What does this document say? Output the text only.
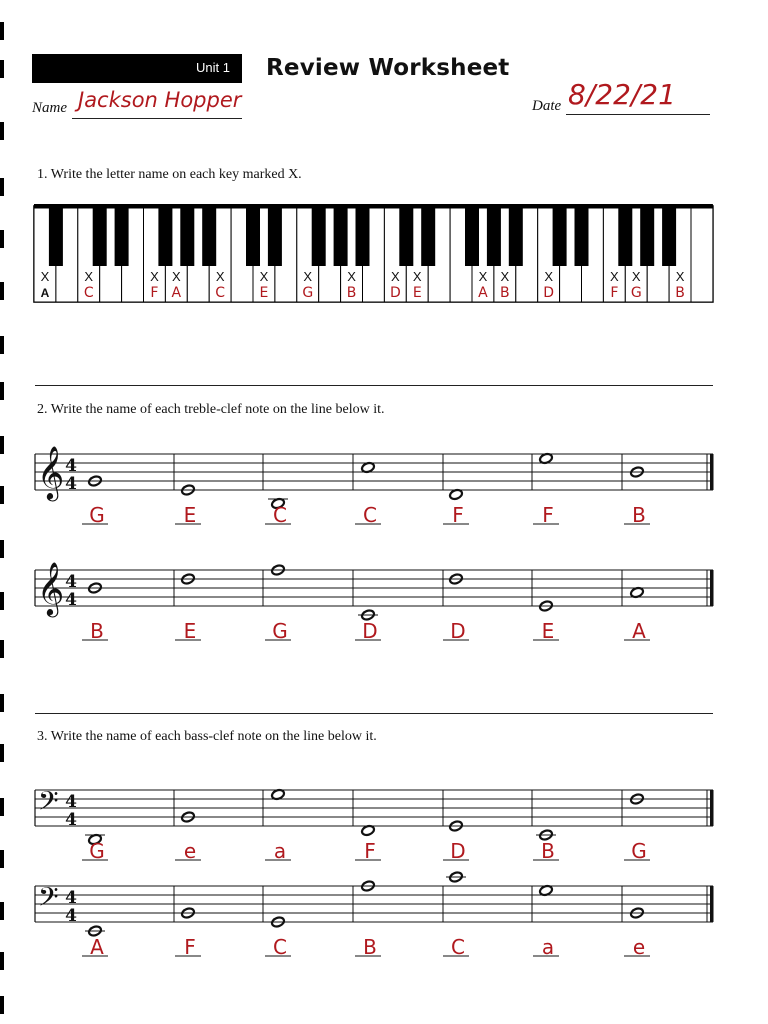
Unit 1 Review Worksheet
Name Jackson Hopper	Date 8/22/21
1. Write the letter name on each key marked X.
X
A
X
C
X
F
X
A
X
C
X
E
X
G
X
B
X
D
X
E
X
A
X
B
X
D
X
F
X
G
X
B
2. Write the name of each treble-clef note on the line below it.
𝄞 4
4
G	E	C	C	F	F	B
𝄞 4
4
B	E	G	D	D	E	A
𝄢 4
4
G	e	a	F	D	B	G
𝄢 4
4
A	F	C	B	C	a	e
3. Write the name of each bass-clef note on the line below it.
